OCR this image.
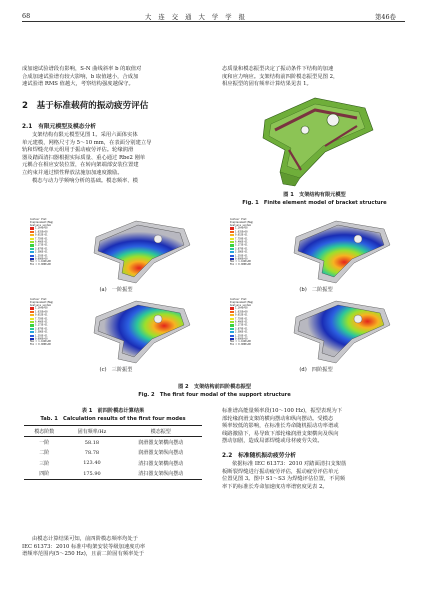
68	大　连　交　通　大　学　学　报	第46卷

成加速试验谱段有影响，S-N 曲线斜率 b 的取值对

合成加速试验谱有较大影响，b 取值越小，合成加

速试验谱 RMS 值越大，考察结构强度越保守。

2　基于标准载荷的振动疲劳评估
2.1　有限元模型及模态分析

支架结构有限元模型见图 1。采用六面体实体

单元建模，网格尺寸为 5～10 mm，在表面分别建立导

轨和焊缝壳单元组用于振动疲劳评估。轮缘润滑

器及踏面清扫器根据实际质量、重心通过 Rbe2 刚单

元耦合在相应安装位置，在转向架端部安装位置建

立约束并通过惯性释放法施加加速度激励。

模态与动力学频响分析的基础。模态频率、模

态质量和模态振型决定了振动条件下结构的加速

度和应力响应。支架结构前四阶模态振型见图 2，

相应振型的固有频率计算结果见表 1。

图 1　支架结构有限元模型
Fig. 1　Finite element model of bracket structure
Contour Plot
Displacement(Mag)
Analysis system
1.164E+00
1.035E+00
9.052E-01
7.759E-01
6.466E-01
5.173E-01
3.879E-01
2.586E-01
1.293E-01
0.000E+00
Max = 1.164E+00
Min = 0.000E+00
(a)　一阶振型
Contour Plot
Displacement(Mag)
Analysis system
1.164E+00
1.035E+00
9.052E-01
7.759E-01
6.466E-01
5.173E-01
3.879E-01
2.586E-01
1.293E-01
0.000E+00
Max = 1.164E+00
Min = 0.000E+00
(b)　二阶振型
Contour Plot
Displacement(Mag)
Analysis system
1.164E+00
1.035E+00
9.052E-01
7.759E-01
6.466E-01
5.173E-01
3.879E-01
2.586E-01
1.293E-01
0.000E+00
Max = 1.164E+00
Min = 0.000E+00
(c)　三阶振型
Contour Plot
Displacement(Mag)
Analysis system
1.164E+00
1.035E+00
9.052E-01
7.759E-01
6.466E-01
5.173E-01
3.879E-01
2.586E-01
1.293E-01
0.000E+00
Max = 1.164E+00
Min = 0.000E+00
(d)　四阶振型
图 2　支架结构前四阶模态振型
Fig. 2　The first four modal of the support structure
表 1　前四阶模态计算结果
Tab. 1　Calculation results of the first four modes
模态阶数	固有频率/Hz	模态振型
一阶	58.18	润滑器支架横向摆动
二阶	78.78	润滑器支架纵向摆动
三阶	123.40	清扫器支架横向摆动
四阶	175.90	清扫器支架纵向摆动

由模态计算结果可知，前四阶模态频率均处于

IEC 61373：2010 标准中构架安装等级加速度功率

谱频率范围内(5～250 Hz)，且前二阶固有频率处于

标准谱高能量频率段(10～100 Hz)，振型表现为下

部轮缘润滑支架的横向摆动和纵向摆动。受模态

频率较低的影响，在标准长寿命随机振动功率谱或

线路激励下，易导致下部轮缘润滑支架横向及纵向

摆动加剧，造成局部焊缝或母材疲劳失效。

2.2　标准随机振动疲劳分析

依据标准 IEC 61373：2010 对踏面清扫支架筋

板断裂焊缝进行振动疲劳评估，振动疲劳评估单元

位置见图 3。图中 S1～S3 为焊缝评估位置，不同频

率下的标准长寿命加速度功率谱密度见表 2。
